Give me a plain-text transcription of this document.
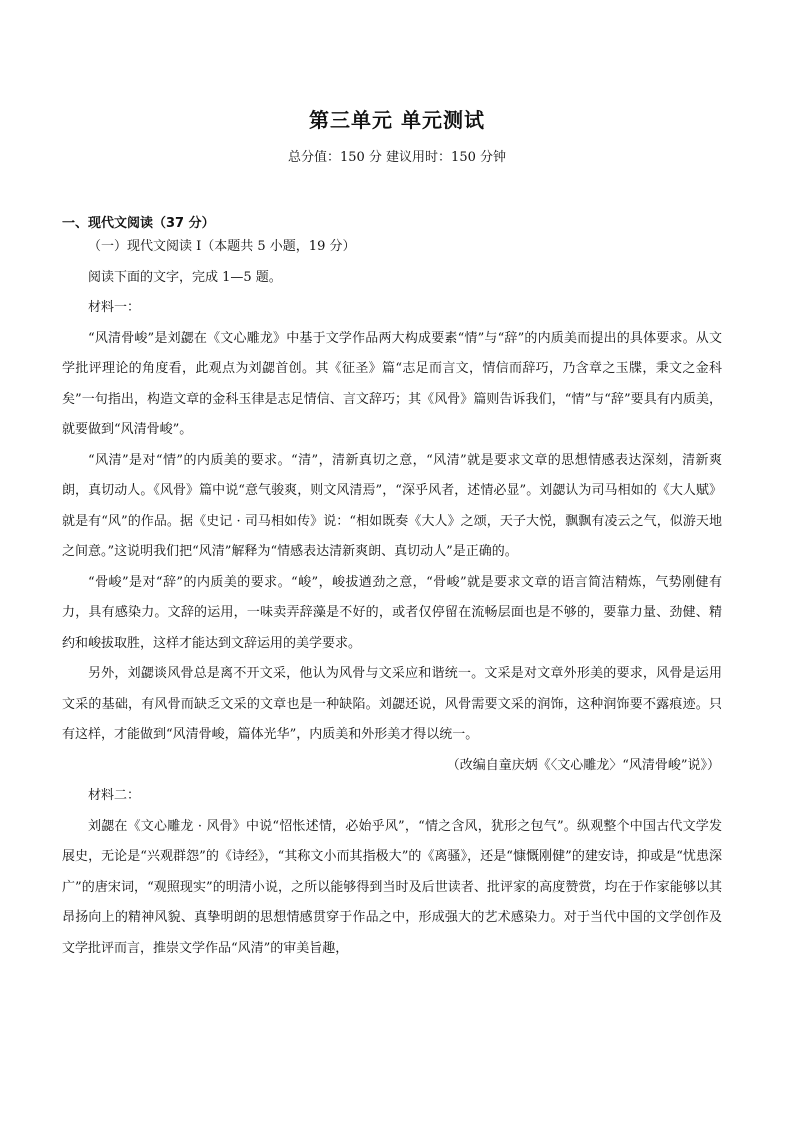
第三单元 单元测试
总分值：150 分 建议用时：150 分钟
一、现代文阅读（37 分）

（一）现代文阅读 I（本题共 5 小题，19 分）

阅读下面的文字，完成 1—5 题。

材料一：

“风清骨峻”是刘勰在《文心雕龙》中基于文学作品两大构成要素“情”与“辞”的内质美而提出的具体要求。从文学批评理论的角度看，此观点为刘勰首创。其《征圣》篇“志足而言文，情信而辞巧，乃含章之玉牒，秉文之金科矣”一句指出，构造文章的金科玉律是志足情信、言文辞巧；其《风骨》篇则告诉我们，“情”与“辞”要具有内质美，就要做到“风清骨峻”。

“风清”是对“情”的内质美的要求。“清”，清新真切之意，“风清”就是要求文章的思想情感表达深刻，清新爽朗，真切动人。《风骨》篇中说“意气骏爽，则文风清焉”，“深乎风者，述情必显”。刘勰认为司马相如的《大人赋》就是有“风”的作品。据《史记 · 司马相如传》说：“相如既奏《大人》之颂，天子大悦，飘飘有凌云之气，似游天地之间意。”这说明我们把“风清”解释为“情感表达清新爽朗、真切动人”是正确的。

“骨峻”是对“辞”的内质美的要求。“峻”，峻拔遒劲之意，“骨峻”就是要求文章的语言简洁精炼，气势刚健有力，具有感染力。文辞的运用，一味卖弄辞藻是不好的，或者仅停留在流畅层面也是不够的，要靠力量、劲健、精约和峻拔取胜，这样才能达到文辞运用的美学要求。

另外，刘勰谈风骨总是离不开文采，他认为风骨与文采应和谐统一。文采是对文章外形美的要求，风骨是运用文采的基础，有风骨而缺乏文采的文章也是一种缺陷。刘勰还说，风骨需要文采的润饰，这种润饰要不露痕迹。只有这样，才能做到“风清骨峻，篇体光华”，内质美和外形美才得以统一。

（改编自童庆炳《〈文心雕龙〉“风清骨峻”说》）

材料二：

刘勰在《文心雕龙 · 风骨》中说“怊怅述情，必始乎风”，“情之含风，犹形之包气”。纵观整个中国古代文学发展史，无论是“兴观群怨”的《诗经》，“其称文小而其指极大”的《离骚》，还是“慷慨刚健”的建安诗，抑或是“忧患深广”的唐宋词，“观照现实”的明清小说，之所以能够得到当时及后世读者、批评家的高度赞赏，均在于作家能够以其昂扬向上的精神风貌、真挚明朗的思想情感贯穿于作品之中，形成强大的艺术感染力。对于当代中国的文学创作及文学批评而言，推崇文学作品“风清”的审美旨趣，
